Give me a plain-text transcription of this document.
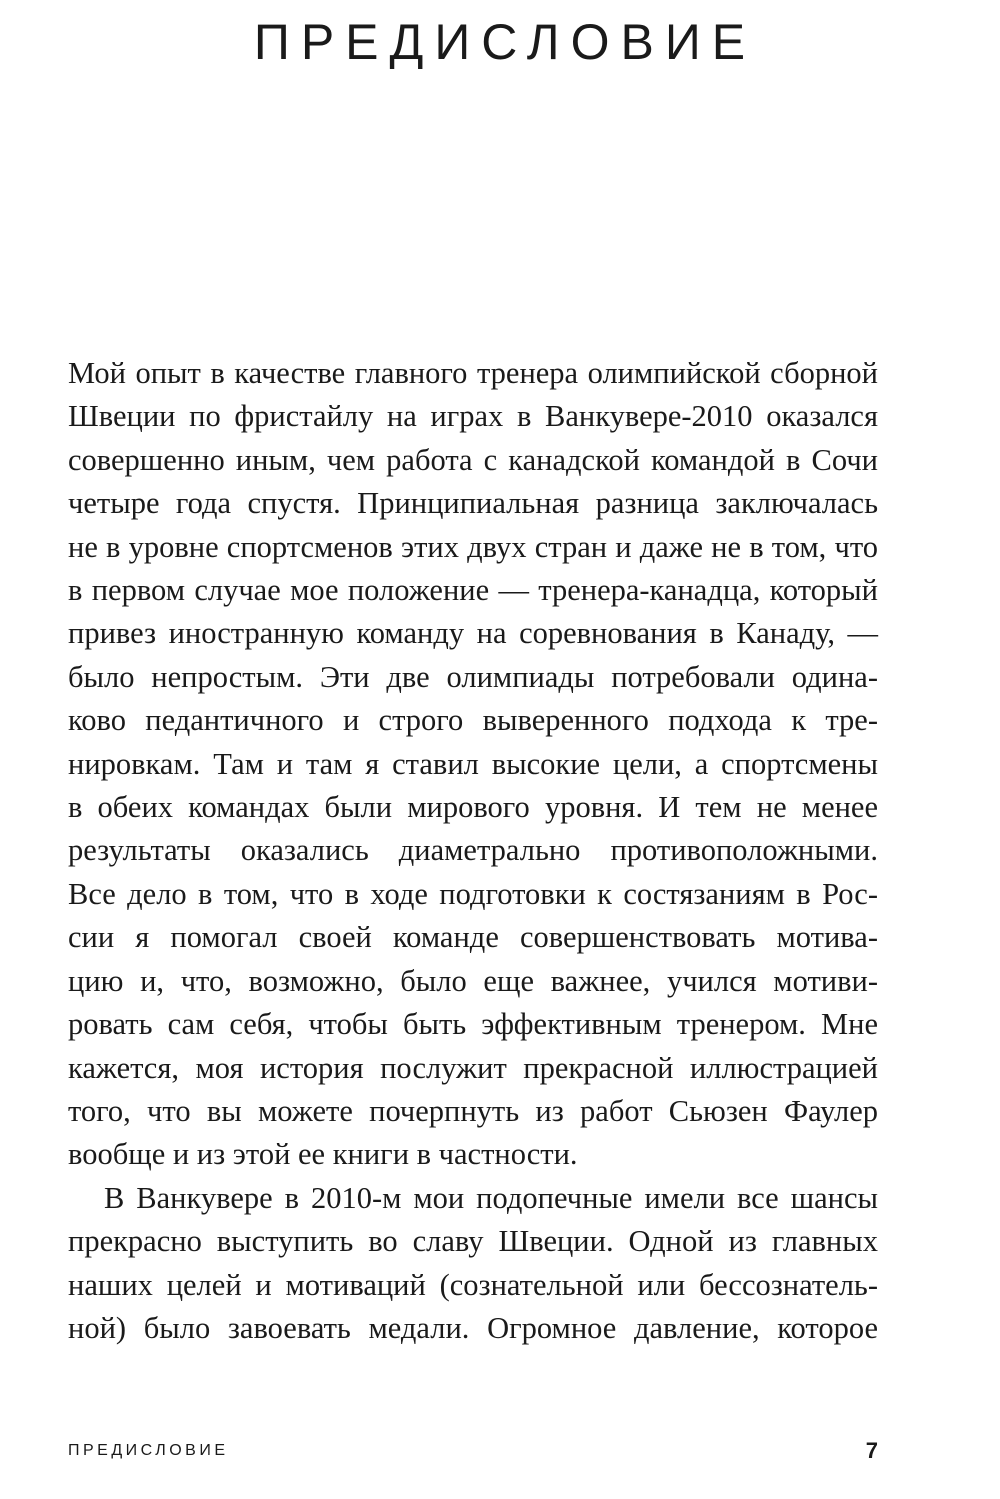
ПРЕДИСЛОВИЕ
Мой опыт в качестве главного тренера олимпийской сборной
Швеции по фристайлу на играх в Ванкувере-2010 оказался
совершенно иным, чем работа с канадской командой в Сочи
четыре года спустя. Принципиальная разница заключалась
не в уровне спортсменов этих двух стран и даже не в том, что
в первом случае мое положение — тренера-канадца, который
привез иностранную команду на соревнования в Канаду, —
было непростым. Эти две олимпиады потребовали одина-
ково педантичного и строго выверенного подхода к тре-
нировкам. Там и там я ставил высокие цели, а спортсмены
в обеих командах были мирового уровня. И тем не менее
результаты оказались диаметрально противоположными.
Все дело в том, что в ходе подготовки к состязаниям в Рос-
сии я помогал своей команде совершенствовать мотива-
цию и, что, возможно, было еще важнее, учился мотиви-
ровать сам себя, чтобы быть эффективным тренером. Мне
кажется, моя история послужит прекрасной иллюстрацией
того, что вы можете почерпнуть из работ Сьюзен Фаулер
вообще и из этой ее книги в частности.
В Ванкувере в 2010-м мои подопечные имели все шансы
прекрасно выступить во славу Швеции. Одной из главных
наших целей и мотиваций (сознательной или бессознатель-
ной) было завоевать медали. Огромное давление, которое
ПРЕДИСЛОВИЕ	7
